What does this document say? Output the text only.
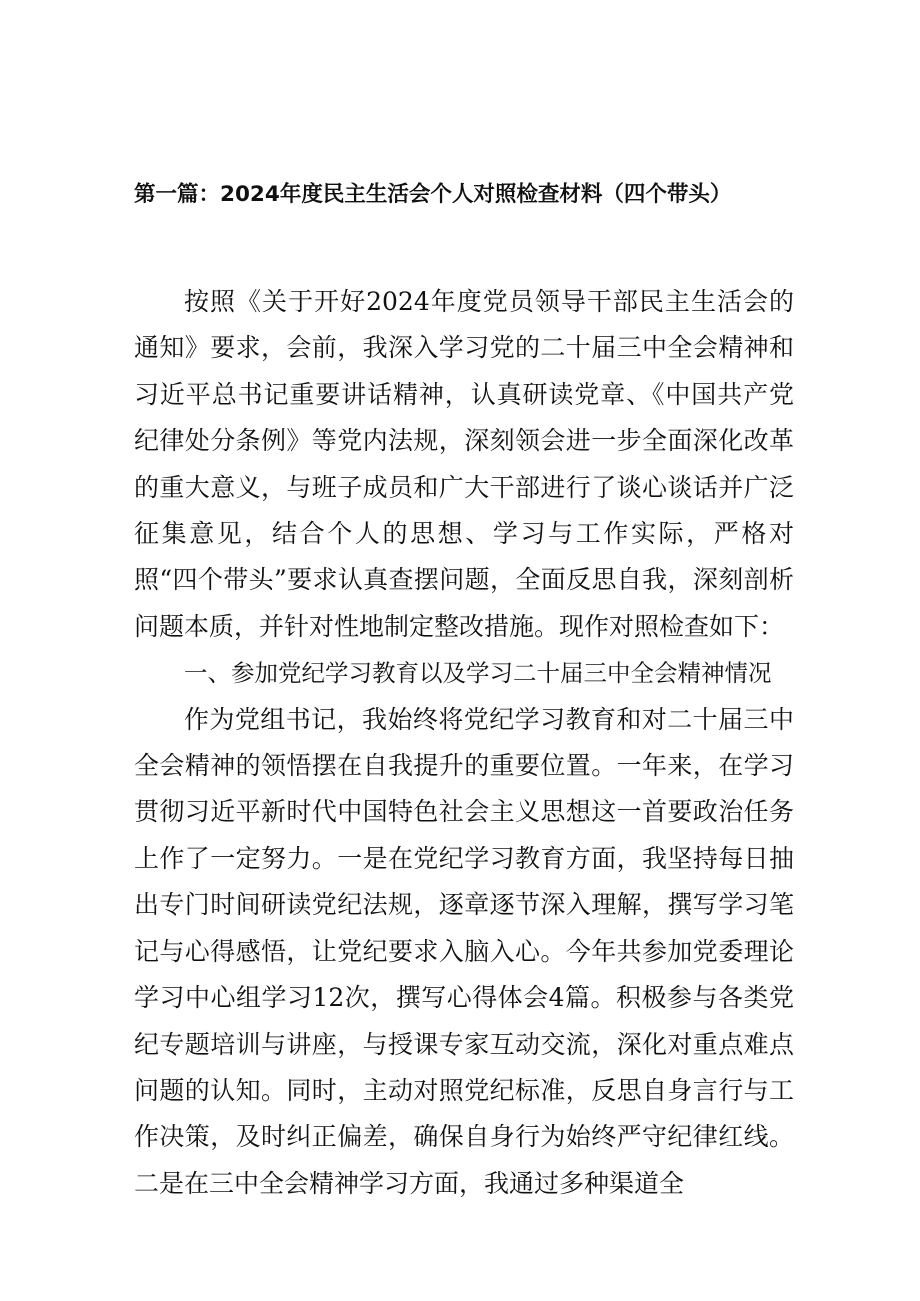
第一篇：2024年度民主生活会个人对照检查材料（四个带头）

按照《关于开好2024年度党员领导干部民主生活会的通知》要求，会前，我深入学习党的二十届三中全会精神和习近平总书记重要讲话精神，认真研读党章、《中国共产党纪律处分条例》等党内法规，深刻领会进一步全面深化改革的重大意义，与班子成员和广大干部进行了谈心谈话并广泛征集意见，结合个人的思想、学习与工作实际，严格对照“四个带头”要求认真查摆问题，全面反思自我，深刻剖析问题本质，并针对性地制定整改措施。现作对照检查如下：

一、参加党纪学习教育以及学习二十届三中全会精神情况

作为党组书记，我始终将党纪学习教育和对二十届三中全会精神的领悟摆在自我提升的重要位置。一年来，在学习贯彻习近平新时代中国特色社会主义思想这一首要政治任务上作了一定努力。一是在党纪学习教育方面，我坚持每日抽出专门时间研读党纪法规，逐章逐节深入理解，撰写学习笔记与心得感悟，让党纪要求入脑入心。今年共参加党委理论学习中心组学习12次，撰写心得体会4篇。积极参与各类党纪专题培训与讲座，与授课专家互动交流，深化对重点难点问题的认知。同时，主动对照党纪标准，反思自身言行与工作决策，及时纠正偏差，确保自身行为始终严守纪律红线。二是在三中全会精神学习方面，我通过多种渠道全
